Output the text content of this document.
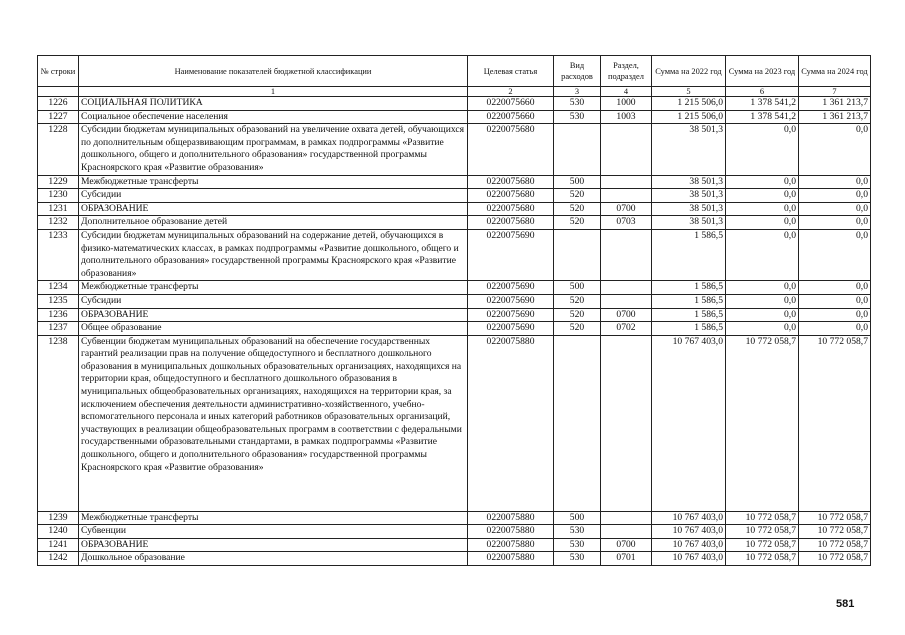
№ строки	Наименование показателей бюджетной классификации	Целевая статья	Вид расходов	Раздел, подраздел	Сумма на 2022 год	Сумма на 2023 год	Сумма на 2024 год
	1	2	3	4	5	6	7
1226	СОЦИАЛЬНАЯ ПОЛИТИКА	0220075660	530	1000	1 215 506,0	1 378 541,2	1 361 213,7
1227	Социальное обеспечение населения	0220075660	530	1003	1 215 506,0	1 378 541,2	1 361 213,7
1228	Субсидии бюджетам муниципальных образований на увеличение охвата детей, обучающихся по дополнительным общеразвивающим программам, в рамках подпрограммы «Развитие дошкольного, общего и дополнительного образования» государственной программы Красноярского края «Развитие образования»	0220075680			38 501,3	0,0	0,0
1229	Межбюджетные трансферты	0220075680	500		38 501,3	0,0	0,0
1230	Субсидии	0220075680	520		38 501,3	0,0	0,0
1231	ОБРАЗОВАНИЕ	0220075680	520	0700	38 501,3	0,0	0,0
1232	Дополнительное образование детей	0220075680	520	0703	38 501,3	0,0	0,0
1233	Субсидии бюджетам муниципальных образований на содержание детей, обучающихся в физико-математических классах, в рамках подпрограммы «Развитие дошкольного, общего и дополнительного образования» государственной программы Красноярского края «Развитие образования»	0220075690			1 586,5	0,0	0,0
1234	Межбюджетные трансферты	0220075690	500		1 586,5	0,0	0,0
1235	Субсидии	0220075690	520		1 586,5	0,0	0,0
1236	ОБРАЗОВАНИЕ	0220075690	520	0700	1 586,5	0,0	0,0
1237	Общее образование	0220075690	520	0702	1 586,5	0,0	0,0
1238	Субвенции бюджетам муниципальных образований на обеспечение государственных гарантий реализации прав на получение общедоступного и бесплатного дошкольного образования в муниципальных дошкольных образовательных организациях, находящихся на территории края, общедоступного и бесплатного дошкольного образования в муниципальных общеобразовательных организациях, находящихся на территории края, за исключением обеспечения деятельности административно-хозяйственного, учебно-вспомогательного персонала и иных категорий работников образовательных организаций, участвующих в реализации общеобразовательных программ в соответствии с федеральными государственными образовательными стандартами, в рамках подпрограммы «Развитие дошкольного, общего и дополнительного образования» государственной программы Красноярского края «Развитие образования»	0220075880			10 767 403,0	10 772 058,7	10 772 058,7
1239	Межбюджетные трансферты	0220075880	500		10 767 403,0	10 772 058,7	10 772 058,7
1240	Субвенции	0220075880	530		10 767 403,0	10 772 058,7	10 772 058,7
1241	ОБРАЗОВАНИЕ	0220075880	530	0700	10 767 403,0	10 772 058,7	10 772 058,7
1242	Дошкольное образование	0220075880	530	0701	10 767 403,0	10 772 058,7	10 772 058,7
581
